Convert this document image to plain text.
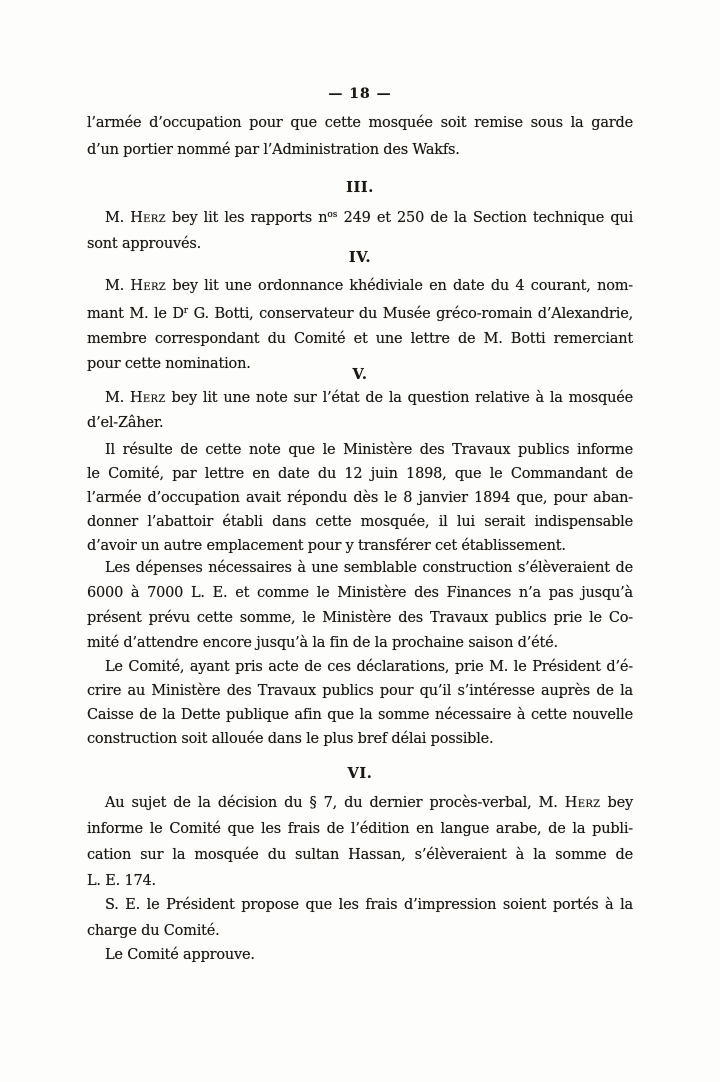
— 18 —
l’armée d’occupation pour que cette mosquée soit remise sous la garde
d’un portier nommé par l’Administration des Wakfs.
III.
M. Herz bey lit les rapports $n^{os}$ 249 et 250 de la Section technique qui
sont approuvés.
IV.
M. Herz bey lit une ordonnance khédiviale en date du 4 courant, nom-
mant M. le $D^r$ G. Botti, conservateur du Musée gréco-romain d’Alexandrie,
membre correspondant du Comité et une lettre de M. Botti remerciant
pour cette nomination.
V.
M. Herz bey lit une note sur l’état de la question relative à la mosquée
d’el-Zâher.
Il résulte de cette note que le Ministère des Travaux publics informe
le Comité, par lettre en date du 12 juin 1898, que le Commandant de
l’armée d’occupation avait répondu dès le 8 janvier 1894 que, pour aban-
donner l’abattoir établi dans cette mosquée, il lui serait indispensable
d’avoir un autre emplacement pour y transférer cet établissement.
Les dépenses nécessaires à une semblable construction s’élèveraient de
6000 à 7000 L. E. et comme le Ministère des Finances n’a pas jusqu’à
présent prévu cette somme, le Ministère des Travaux publics prie le Co-
mité d’attendre encore jusqu’à la fin de la prochaine saison d’été.
Le Comité, ayant pris acte de ces déclarations, prie M. le Président d’é-
crire au Ministère des Travaux publics pour qu’il s’intéresse auprès de la
Caisse de la Dette publique afin que la somme nécessaire à cette nouvelle
construction soit allouée dans le plus bref délai possible.
VI.
Au sujet de la décision du § 7, du dernier procès-verbal, M. Herz bey
informe le Comité que les frais de l’édition en langue arabe, de la publi-
cation sur la mosquée du sultan Hassan, s’élèveraient à la somme de
L. E. 174.
S. E. le Président propose que les frais d’impression soient portés à la
charge du Comité.
Le Comité approuve.
